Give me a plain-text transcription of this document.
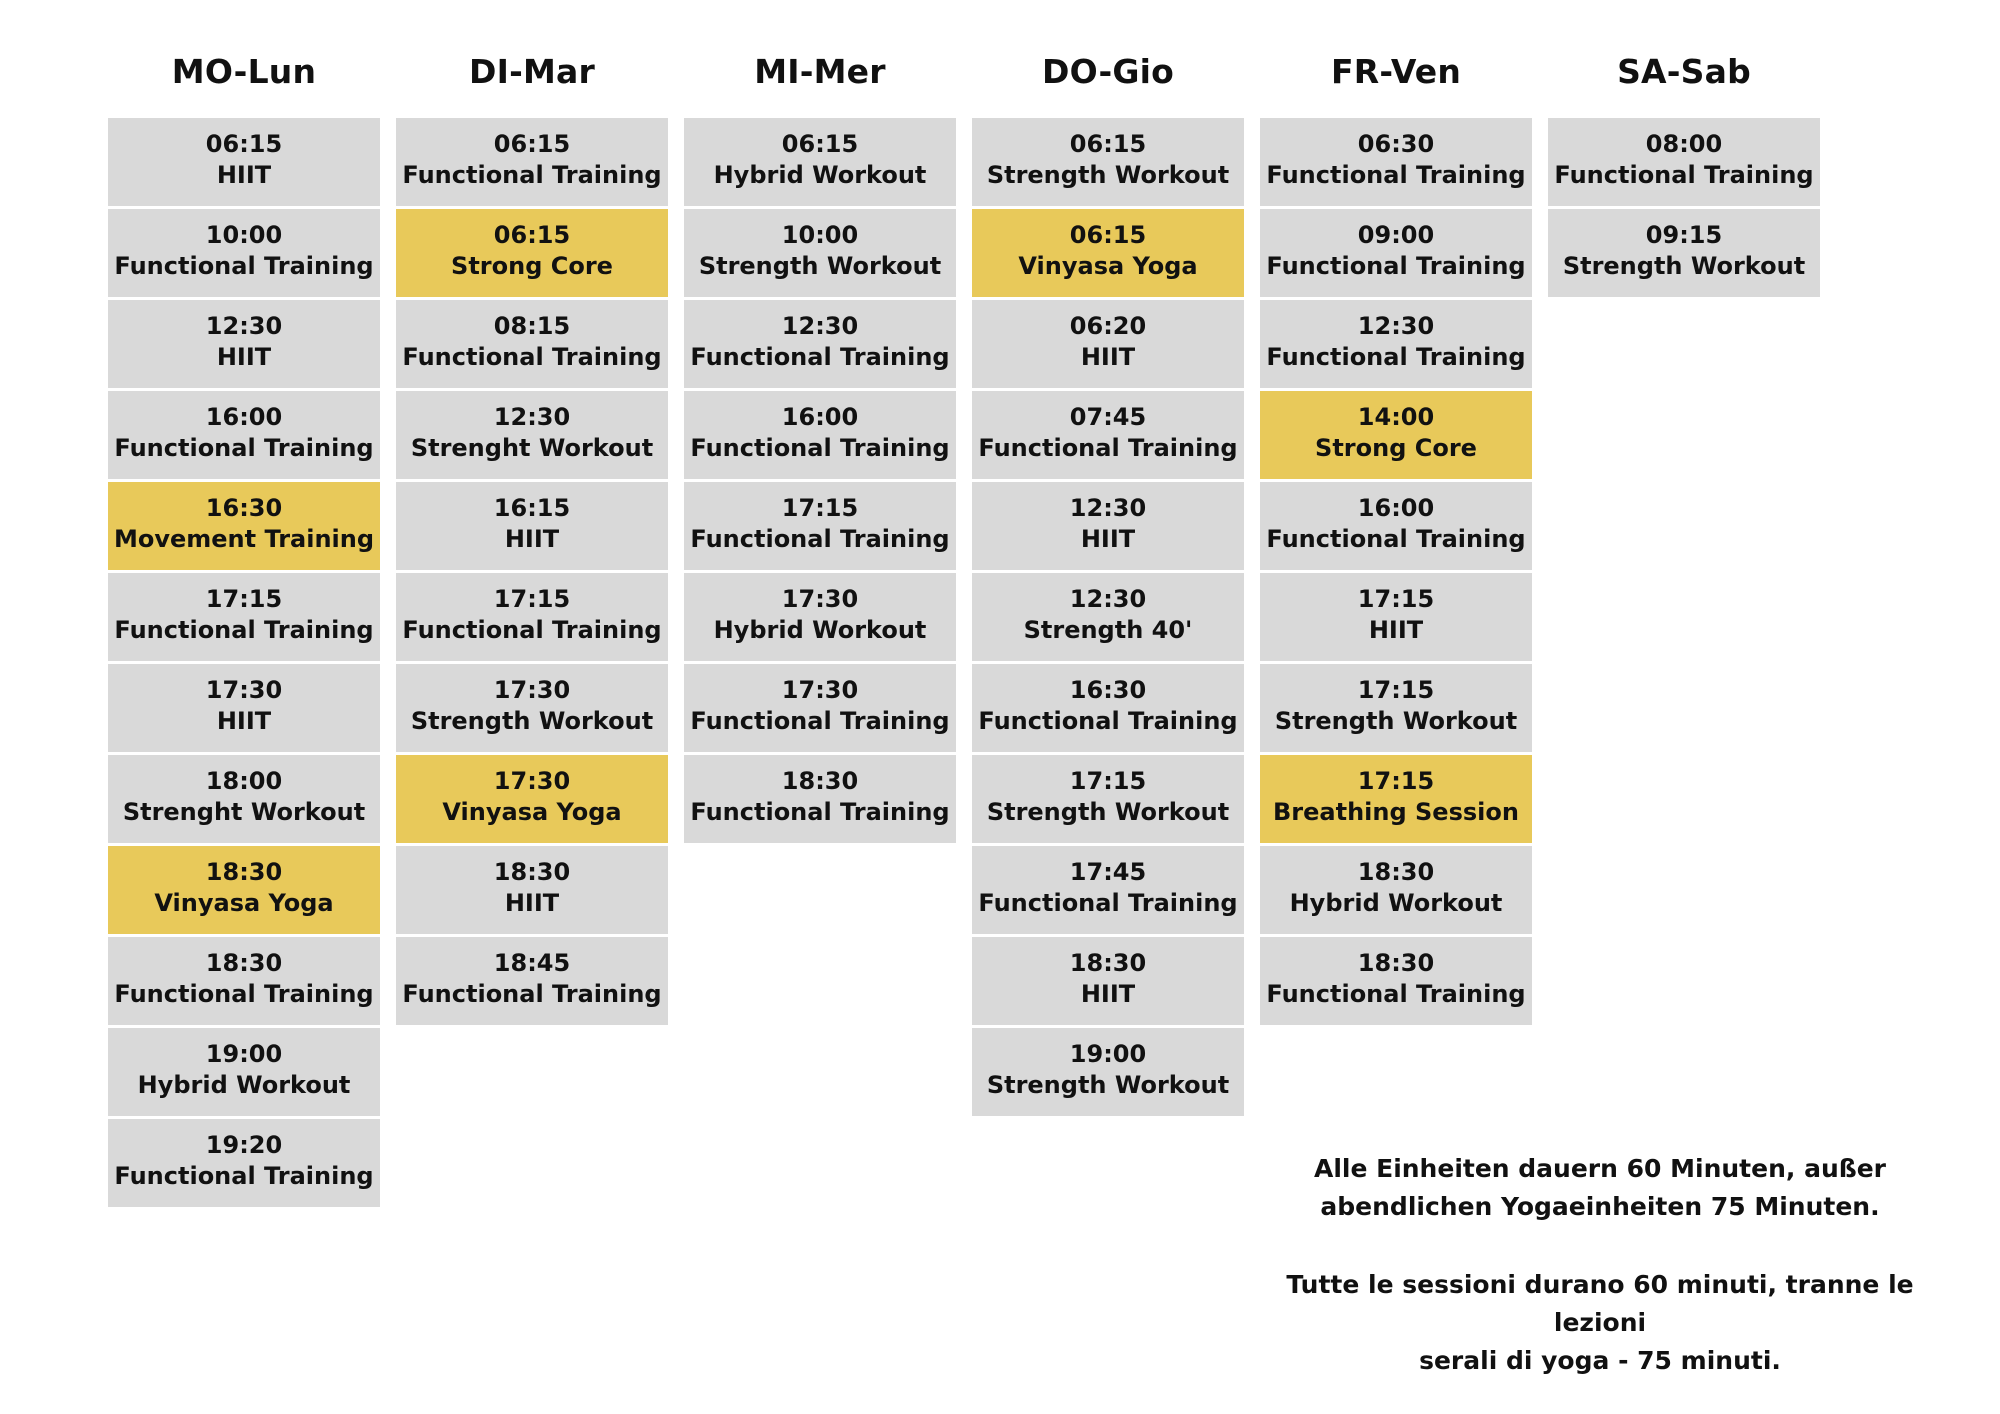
MO-Lun
06:15
HIIT
10:00
Functional Training
12:30
HIIT
16:00
Functional Training
16:30
Movement Training
17:15
Functional Training
17:30
HIIT
18:00
Strenght Workout
18:30
Vinyasa Yoga
18:30
Functional Training
19:00
Hybrid Workout
19:20
Functional Training
DI-Mar
06:15
Functional Training
06:15
Strong Core
08:15
Functional Training
12:30
Strenght Workout
16:15
HIIT
17:15
Functional Training
17:30
Strength Workout
17:30
Vinyasa Yoga
18:30
HIIT
18:45
Functional Training
MI-Mer
06:15
Hybrid Workout
10:00
Strength Workout
12:30
Functional Training
16:00
Functional Training
17:15
Functional Training
17:30
Hybrid Workout
17:30
Functional Training
18:30
Functional Training
DO-Gio
06:15
Strength Workout
06:15
Vinyasa Yoga
06:20
HIIT
07:45
Functional Training
12:30
HIIT
12:30
Strength 40'
16:30
Functional Training
17:15
Strength Workout
17:45
Functional Training
18:30
HIIT
19:00
Strength Workout
FR-Ven
06:30
Functional Training
09:00
Functional Training
12:30
Functional Training
14:00
Strong Core
16:00
Functional Training
17:15
HIIT
17:15
Strength Workout
17:15
Breathing Session
18:30
Hybrid Workout
18:30
Functional Training
SA-Sab
08:00
Functional Training
09:15
Strength Workout
Alle Einheiten dauern 60 Minuten, außer
abendlichen Yogaeinheiten 75 Minuten.
Tutte le sessioni durano 60 minuti, tranne le lezioni
serali di yoga - 75 minuti.
